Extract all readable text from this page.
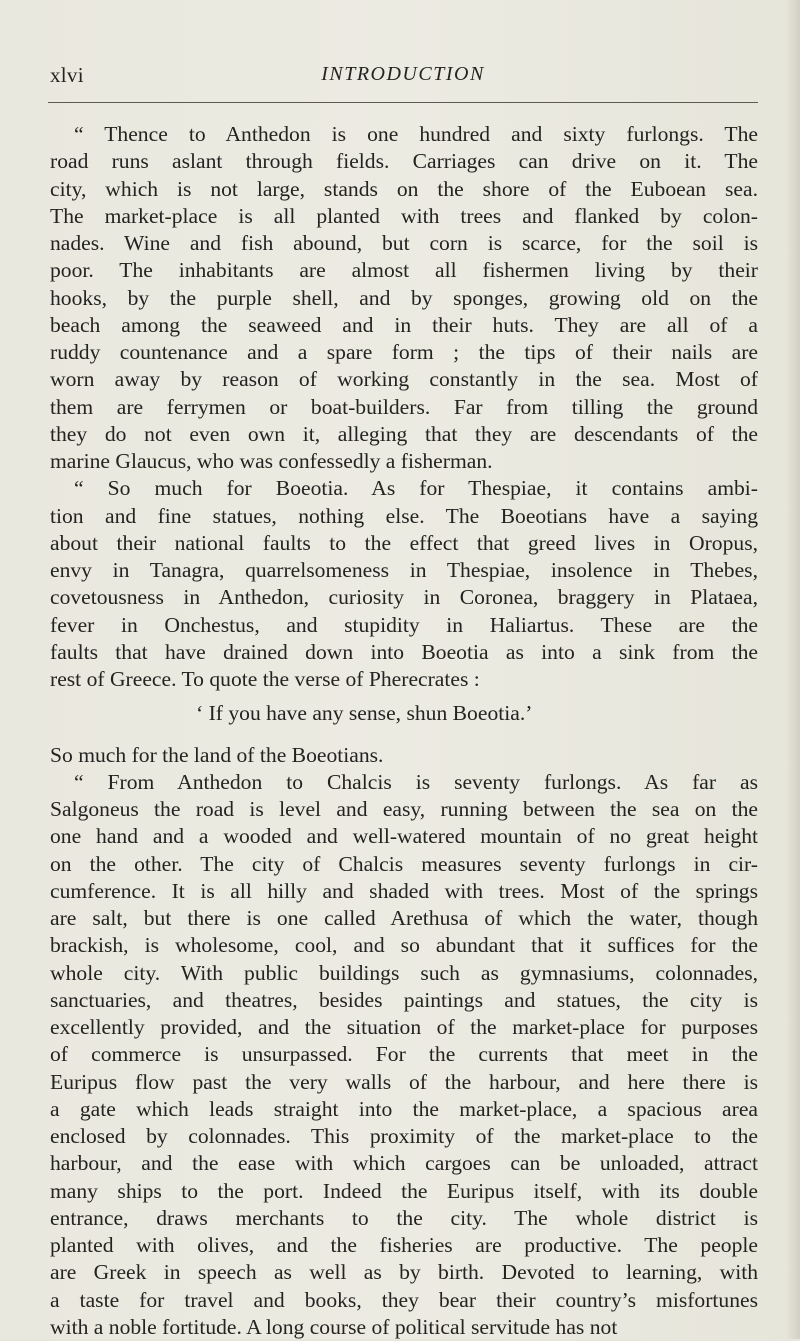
xlvi	INTRODUCTION
“ Thence to Anthedon is one hundred and sixty furlongs. The
road runs aslant through fields. Carriages can drive on it. The
city, which is not large, stands on the shore of the Euboean sea.
The market-place is all planted with trees and flanked by colon-
nades. Wine and fish abound, but corn is scarce, for the soil is
poor. The inhabitants are almost all fishermen living by their
hooks, by the purple shell, and by sponges, growing old on the
beach among the seaweed and in their huts. They are all of a
ruddy countenance and a spare form ; the tips of their nails are
worn away by reason of working constantly in the sea. Most of
them are ferrymen or boat-builders. Far from tilling the ground
they do not even own it, alleging that they are descendants of the
marine Glaucus, who was confessedly a fisherman.
“ So much for Boeotia. As for Thespiae, it contains ambi-
tion and fine statues, nothing else. The Boeotians have a saying
about their national faults to the effect that greed lives in Oropus,
envy in Tanagra, quarrelsomeness in Thespiae, insolence in Thebes,
covetousness in Anthedon, curiosity in Coronea, braggery in Plataea,
fever in Onchestus, and stupidity in Haliartus. These are the
faults that have drained down into Boeotia as into a sink from the
rest of Greece. To quote the verse of Pherecrates :
‘ If you have any sense, shun Boeotia.’
So much for the land of the Boeotians.
“ From Anthedon to Chalcis is seventy furlongs. As far as
Salgoneus the road is level and easy, running between the sea on the
one hand and a wooded and well-watered mountain of no great height
on the other. The city of Chalcis measures seventy furlongs in cir-
cumference. It is all hilly and shaded with trees. Most of the springs
are salt, but there is one called Arethusa of which the water, though
brackish, is wholesome, cool, and so abundant that it suffices for the
whole city. With public buildings such as gymnasiums, colonnades,
sanctuaries, and theatres, besides paintings and statues, the city is
excellently provided, and the situation of the market-place for purposes
of commerce is unsurpassed. For the currents that meet in the
Euripus flow past the very walls of the harbour, and here there is
a gate which leads straight into the market-place, a spacious area
enclosed by colonnades. This proximity of the market-place to the
harbour, and the ease with which cargoes can be unloaded, attract
many ships to the port. Indeed the Euripus itself, with its double
entrance, draws merchants to the city. The whole district is
planted with olives, and the fisheries are productive. The people
are Greek in speech as well as by birth. Devoted to learning, with
a taste for travel and books, they bear their country’s misfortunes
with a noble fortitude. A long course of political servitude has not
